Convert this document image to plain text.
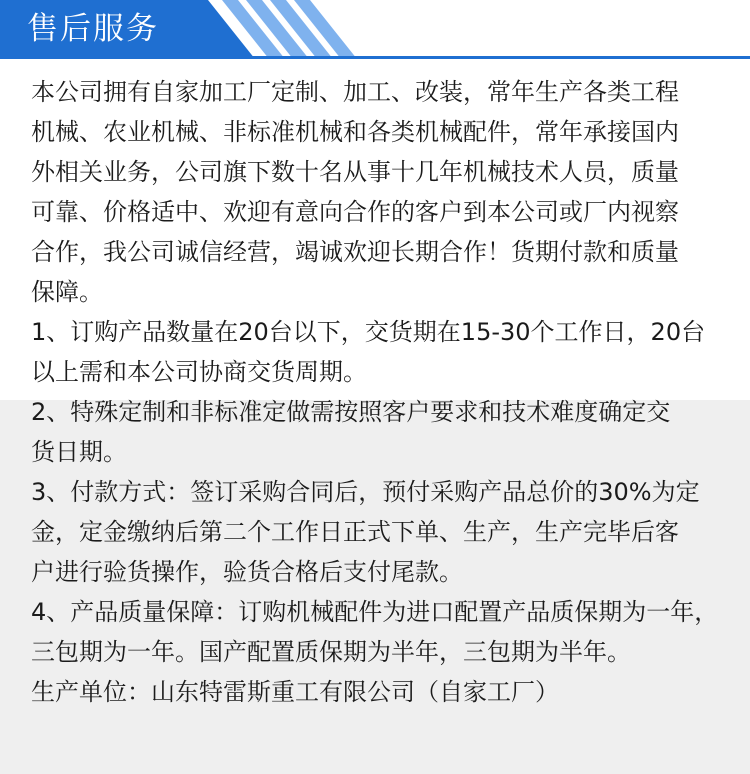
售后服务

本公司拥有自家加工厂定制、加工、改装，常年生产各类工程
机械、农业机械、非标准机械和各类机械配件，常年承接国内
外相关业务，公司旗下数十名从事十几年机械技术人员，质量
可靠、价格适中、欢迎有意向合作的客户到本公司或厂内视察
合作，我公司诚信经营，竭诚欢迎长期合作！货期付款和质量
保障。

1、订购产品数量在20台以下，交货期在15-30个工作日，20台
以上需和本公司协商交货周期。

2、特殊定制和非标准定做需按照客户要求和技术难度确定交
货日期。

3、付款方式：签订采购合同后，预付采购产品总价的30%为定
金，定金缴纳后第二个工作日正式下单、生产，生产完毕后客
户进行验货操作，验货合格后支付尾款。

4、产品质量保障：订购机械配件为进口配置产品质保期为一年，
三包期为一年。国产配置质保期为半年，三包期为半年。

生产单位：山东特雷斯重工有限公司（自家工厂）
